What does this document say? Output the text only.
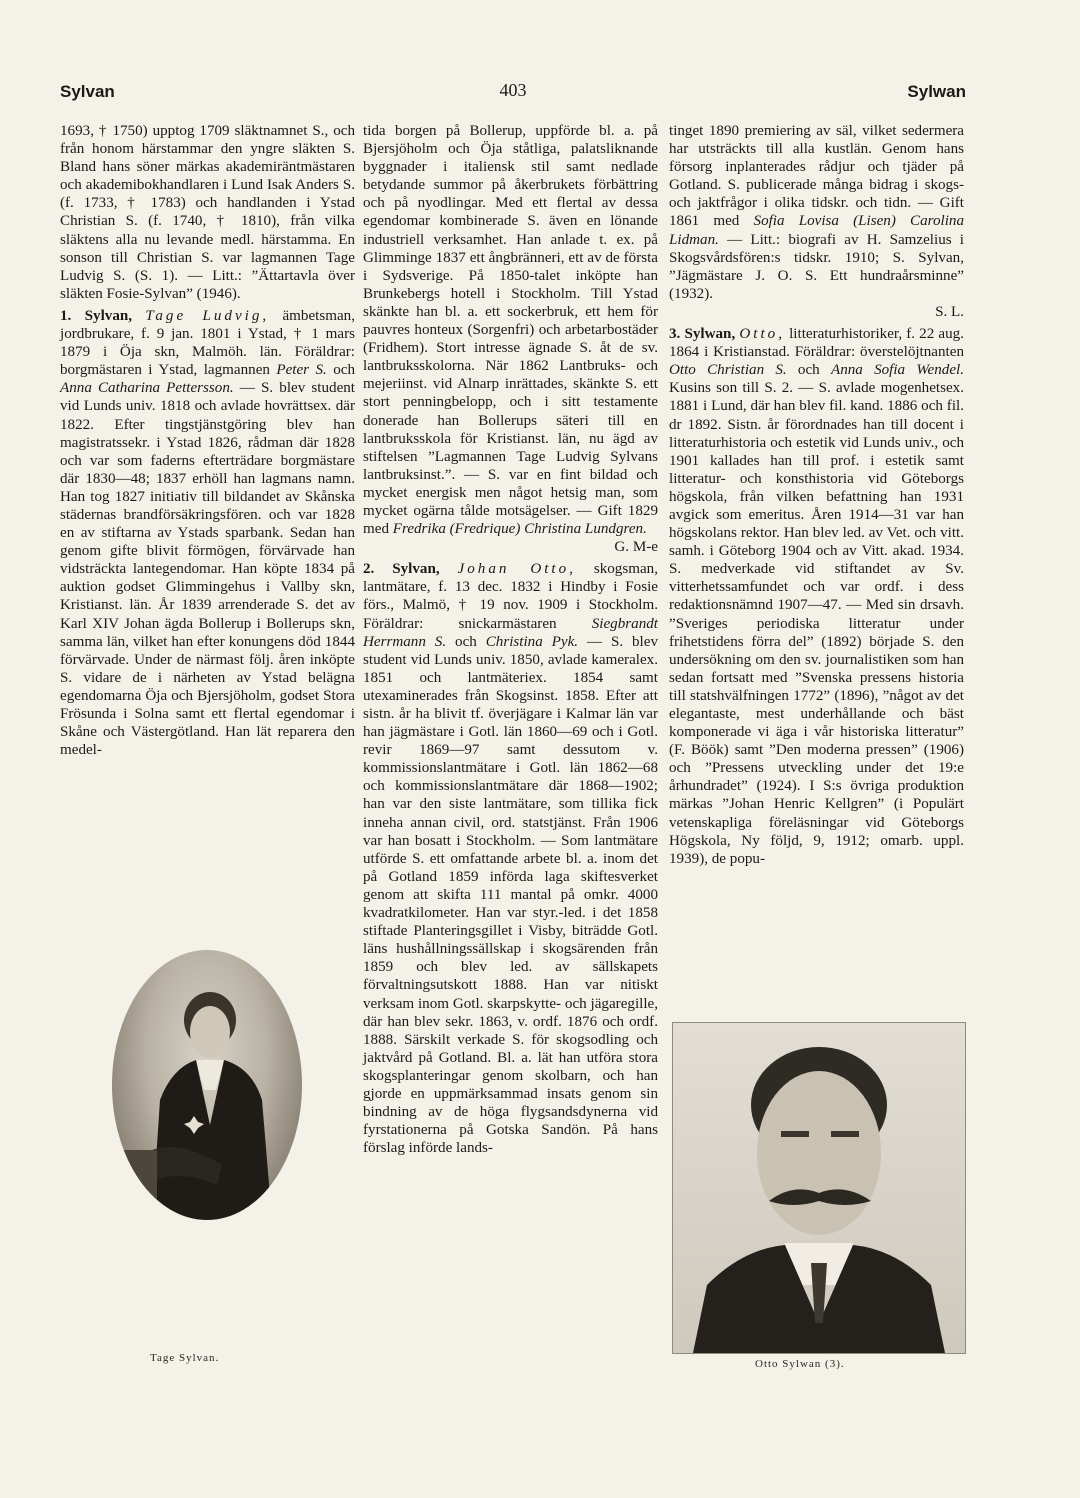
Sylvan	403	Sylwan

1693, † 1750) upptog 1709 släktnamnet S., och från honom härstammar den yngre släkten S. Bland hans söner märkas akademiräntmästaren och akademibokhandlaren i Lund Isak Anders S. (f. 1733, † 1783) och handlanden i Ystad Christian S. (f. 1740, † 1810), från vilka släktens alla nu levande medl. härstamma. En sonson till Christian S. var lagmannen Tage Ludvig S. (S. 1). — Litt.: ”Ättartavla över släkten Fosie-Sylvan” (1946).

1. Sylvan, Tage Ludvig, ämbetsman, jordbrukare, f. 9 jan. 1801 i Ystad, † 1 mars 1879 i Öja skn, Malmöh. län. Föräldrar: borgmästaren i Ystad, lagmannen Peter S. och Anna Catharina Pettersson. — S. blev student vid Lunds univ. 1818 och avlade hovrättsex. där 1822. Efter tingstjänstgöring blev han magistratssekr. i Ystad 1826, rådman där 1828 och var som faderns efterträdare borgmästare där 1830—48; 1837 erhöll han lagmans namn. Han tog 1827 initiativ till bildandet av Skånska städernas brandförsäkringsfören. och var 1828 en av stiftarna av Ystads sparbank. Sedan han genom gifte blivit förmögen, förvärvade han vidsträckta lantegendomar. Han köpte 1834 på auktion godset Glimmingehus i Vallby skn, Kristianst. län. År 1839 arrenderade S. det av Karl XIV Johan ägda Bollerup i Bollerups skn, samma län, vilket han efter konungens död 1844 förvärvade. Under de närmast följ. åren inköpte S. vidare de i närheten av Ystad belägna egendomarna Öja och Bjersjöholm, godset Stora Frösunda i Solna samt ett flertal egendomar i Skåne och Västergötland. Han lät reparera den medel-

tida borgen på Bollerup, uppförde bl. a. på Bjersjöholm och Öja ståtliga, palatsliknande byggnader i italiensk stil samt nedlade betydande summor på åkerbrukets förbättring och på nyodlingar. Med ett flertal av dessa egendomar kombinerade S. även en lönande industriell verksamhet. Han anlade t. ex. på Glimminge 1837 ett ångbränneri, ett av de första i Sydsverige. På 1850-talet inköpte han Brunkebergs hotell i Stockholm. Till Ystad skänkte han bl. a. ett sockerbruk, ett hem för pauvres honteux (Sorgenfri) och arbetarbostäder (Fridhem). Stort intresse ägnade S. åt de sv. lantbruksskolorna. När 1862 Lantbruks- och mejeriinst. vid Alnarp inrättades, skänkte S. ett stort penningbelopp, och i sitt testamente donerade han Bollerups säteri till en lantbruksskola för Kristianst. län, nu ägd av stiftelsen ”Lagmannen Tage Ludvig Sylvans lantbruksinst.”. — S. var en fint bildad och mycket energisk men något hetsig man, som mycket ogärna tålde motsägelser. — Gift 1829 med Fredrika (Fredrique) Christina Lundgren.

G. M-e

2. Sylvan, Johan Otto, skogsman, lantmätare, f. 13 dec. 1832 i Hindby i Fosie förs., Malmö, † 19 nov. 1909 i Stockholm. Föräldrar: snickarmästaren Siegbrandt Herrmann S. och Christina Pyk. — S. blev student vid Lunds univ. 1850, avlade kameralex. 1851 och lantmäteriex. 1854 samt utexaminerades från Skogsinst. 1858. Efter att sistn. år ha blivit tf. överjägare i Kalmar län var han jägmästare i Gotl. län 1860—69 och i Gotl. revir 1869—97 samt dessutom v. kommissionslantmätare i Gotl. län 1862—68 och kommissionslantmätare där 1868—1902; han var den siste lantmätare, som tillika fick inneha annan civil, ord. statstjänst. Från 1906 var han bosatt i Stockholm. — Som lantmätare utförde S. ett omfattande arbete bl. a. inom det på Gotland 1859 införda laga skiftesverket genom att skifta 111 mantal på omkr. 4000 kvadratkilometer. Han var styr.-led. i det 1858 stiftade Planteringsgillet i Visby, biträdde Gotl. läns hushållningssällskap i skogsärenden från 1859 och blev led. av sällskapets förvaltningsutskott 1888. Han var nitiskt verksam inom Gotl. skarpskytte- och jägaregille, där han blev sekr. 1863, v. ordf. 1876 och ordf. 1888. Särskilt verkade S. för skogsodling och jaktvård på Gotland. Bl. a. lät han utföra stora skogsplanteringar genom skolbarn, och han gjorde en uppmärksammad insats genom sin bindning av de höga flygsandsdynerna vid fyrstationerna på Gotska Sandön. På hans förslag införde lands-

tinget 1890 premiering av säl, vilket sedermera har utsträckts till alla kustlän. Genom hans försorg inplanterades rådjur och tjäder på Gotland. S. publicerade många bidrag i skogs- och jaktfrågor i olika tidskr. och tidn. — Gift 1861 med Sofia Lovisa (Lisen) Carolina Lidman. — Litt.: biografi av H. Samzelius i Skogsvårdsfören:s tidskr. 1910; S. Sylvan, ”Jägmästare J. O. S. Ett hundraårsminne” (1932).

S. L.

3. Sylwan, Otto, litteraturhistoriker, f. 22 aug. 1864 i Kristianstad. Föräldrar: överstelöjtnanten Otto Christian S. och Anna Sofia Wendel. Kusins son till S. 2. — S. avlade mogenhetsex. 1881 i Lund, där han blev fil. kand. 1886 och fil. dr 1892. Sistn. år förordnades han till docent i litteraturhistoria och estetik vid Lunds univ., och 1901 kallades han till prof. i estetik samt litteratur- och konsthistoria vid Göteborgs högskola, från vilken befattning han 1931 avgick som emeritus. Åren 1914—31 var han högskolans rektor. Han blev led. av Vet. och vitt. samh. i Göteborg 1904 och av Vitt. akad. 1934. S. medverkade vid stiftandet av Sv. vitterhetssamfundet och var ordf. i dess redaktionsnämnd 1907—47. — Med sin drsavh. ”Sveriges periodiska litteratur under frihetstidens förra del” (1892) började S. den undersökning om den sv. journalistiken som han sedan fortsatt med ”Svenska pressens historia till statshvälfningen 1772” (1896), ”något av det elegantaste, mest underhållande och bäst komponerade vi äga i vår historiska litteratur” (F. Böök) samt ”Den moderna pressen” (1906) och ”Pressens utveckling under det 19:e århundradet” (1924). I S:s övriga produktion märkas ”Johan Henric Kellgren” (i Populärt vetenskapliga föreläsningar vid Göteborgs Högskola, Ny följd, 9, 1912; omarb. uppl. 1939), de popu-

Tage Sylvan.	Otto Sylwan (3).
